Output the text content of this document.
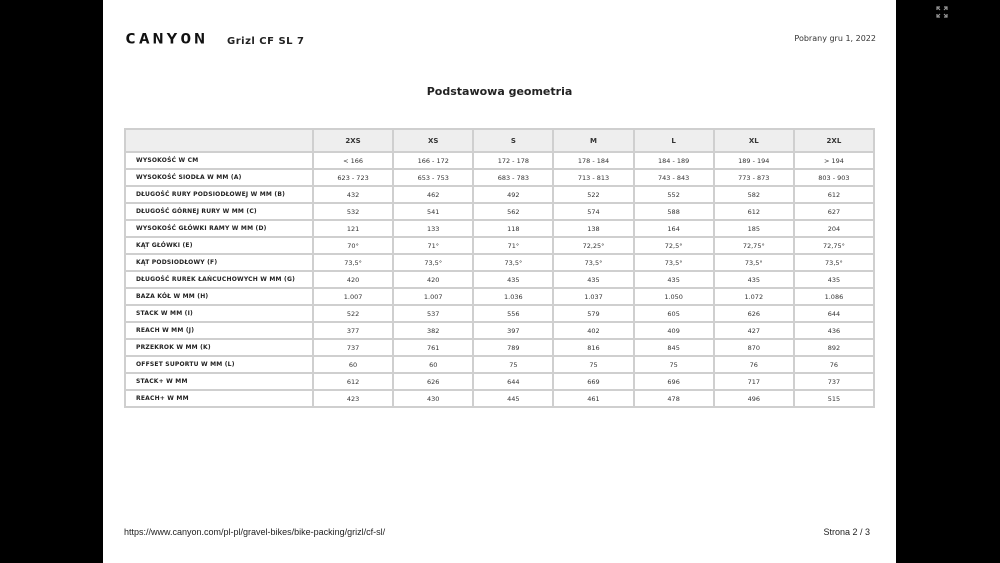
CANYON Grizl CF SL 7	Pobrany gru 1, 2022
Podstawowa geometria
	2XS	XS	S	M	L	XL	2XL
WYSOKOŚĆ W CM	< 166	166 - 172	172 - 178	178 - 184	184 - 189	189 - 194	> 194
WYSOKOŚĆ SIODŁA W MM (A)	623 - 723	653 - 753	683 - 783	713 - 813	743 - 843	773 - 873	803 - 903
DŁUGOŚĆ RURY PODSIODŁOWEJ W MM (B)	432	462	492	522	552	582	612
DŁUGOŚĆ GÓRNEJ RURY W MM (C)	532	541	562	574	588	612	627
WYSOKOŚĆ GŁÓWKI RAMY W MM (D)	121	133	118	138	164	185	204
KĄT GŁÓWKI (E)	70°	71°	71°	72,25°	72,5°	72,75°	72,75°
KĄT PODSIODŁOWY (F)	73,5°	73,5°	73,5°	73,5°	73,5°	73,5°	73,5°
DŁUGOŚĆ RUREK ŁAŃCUCHOWYCH W MM (G)	420	420	435	435	435	435	435
BAZA KÓŁ W MM (H)	1.007	1.007	1.036	1.037	1.050	1.072	1.086
STACK W MM (I)	522	537	556	579	605	626	644
REACH W MM (J)	377	382	397	402	409	427	436
PRZEKROK W MM (K)	737	761	789	816	845	870	892
OFFSET SUPORTU W MM (L)	60	60	75	75	75	76	76
STACK+ W MM	612	626	644	669	696	717	737
REACH+ W MM	423	430	445	461	478	496	515
https://www.canyon.com/pl-pl/gravel-bikes/bike-packing/grizl/cf-sl/	Strona 2 / 3
